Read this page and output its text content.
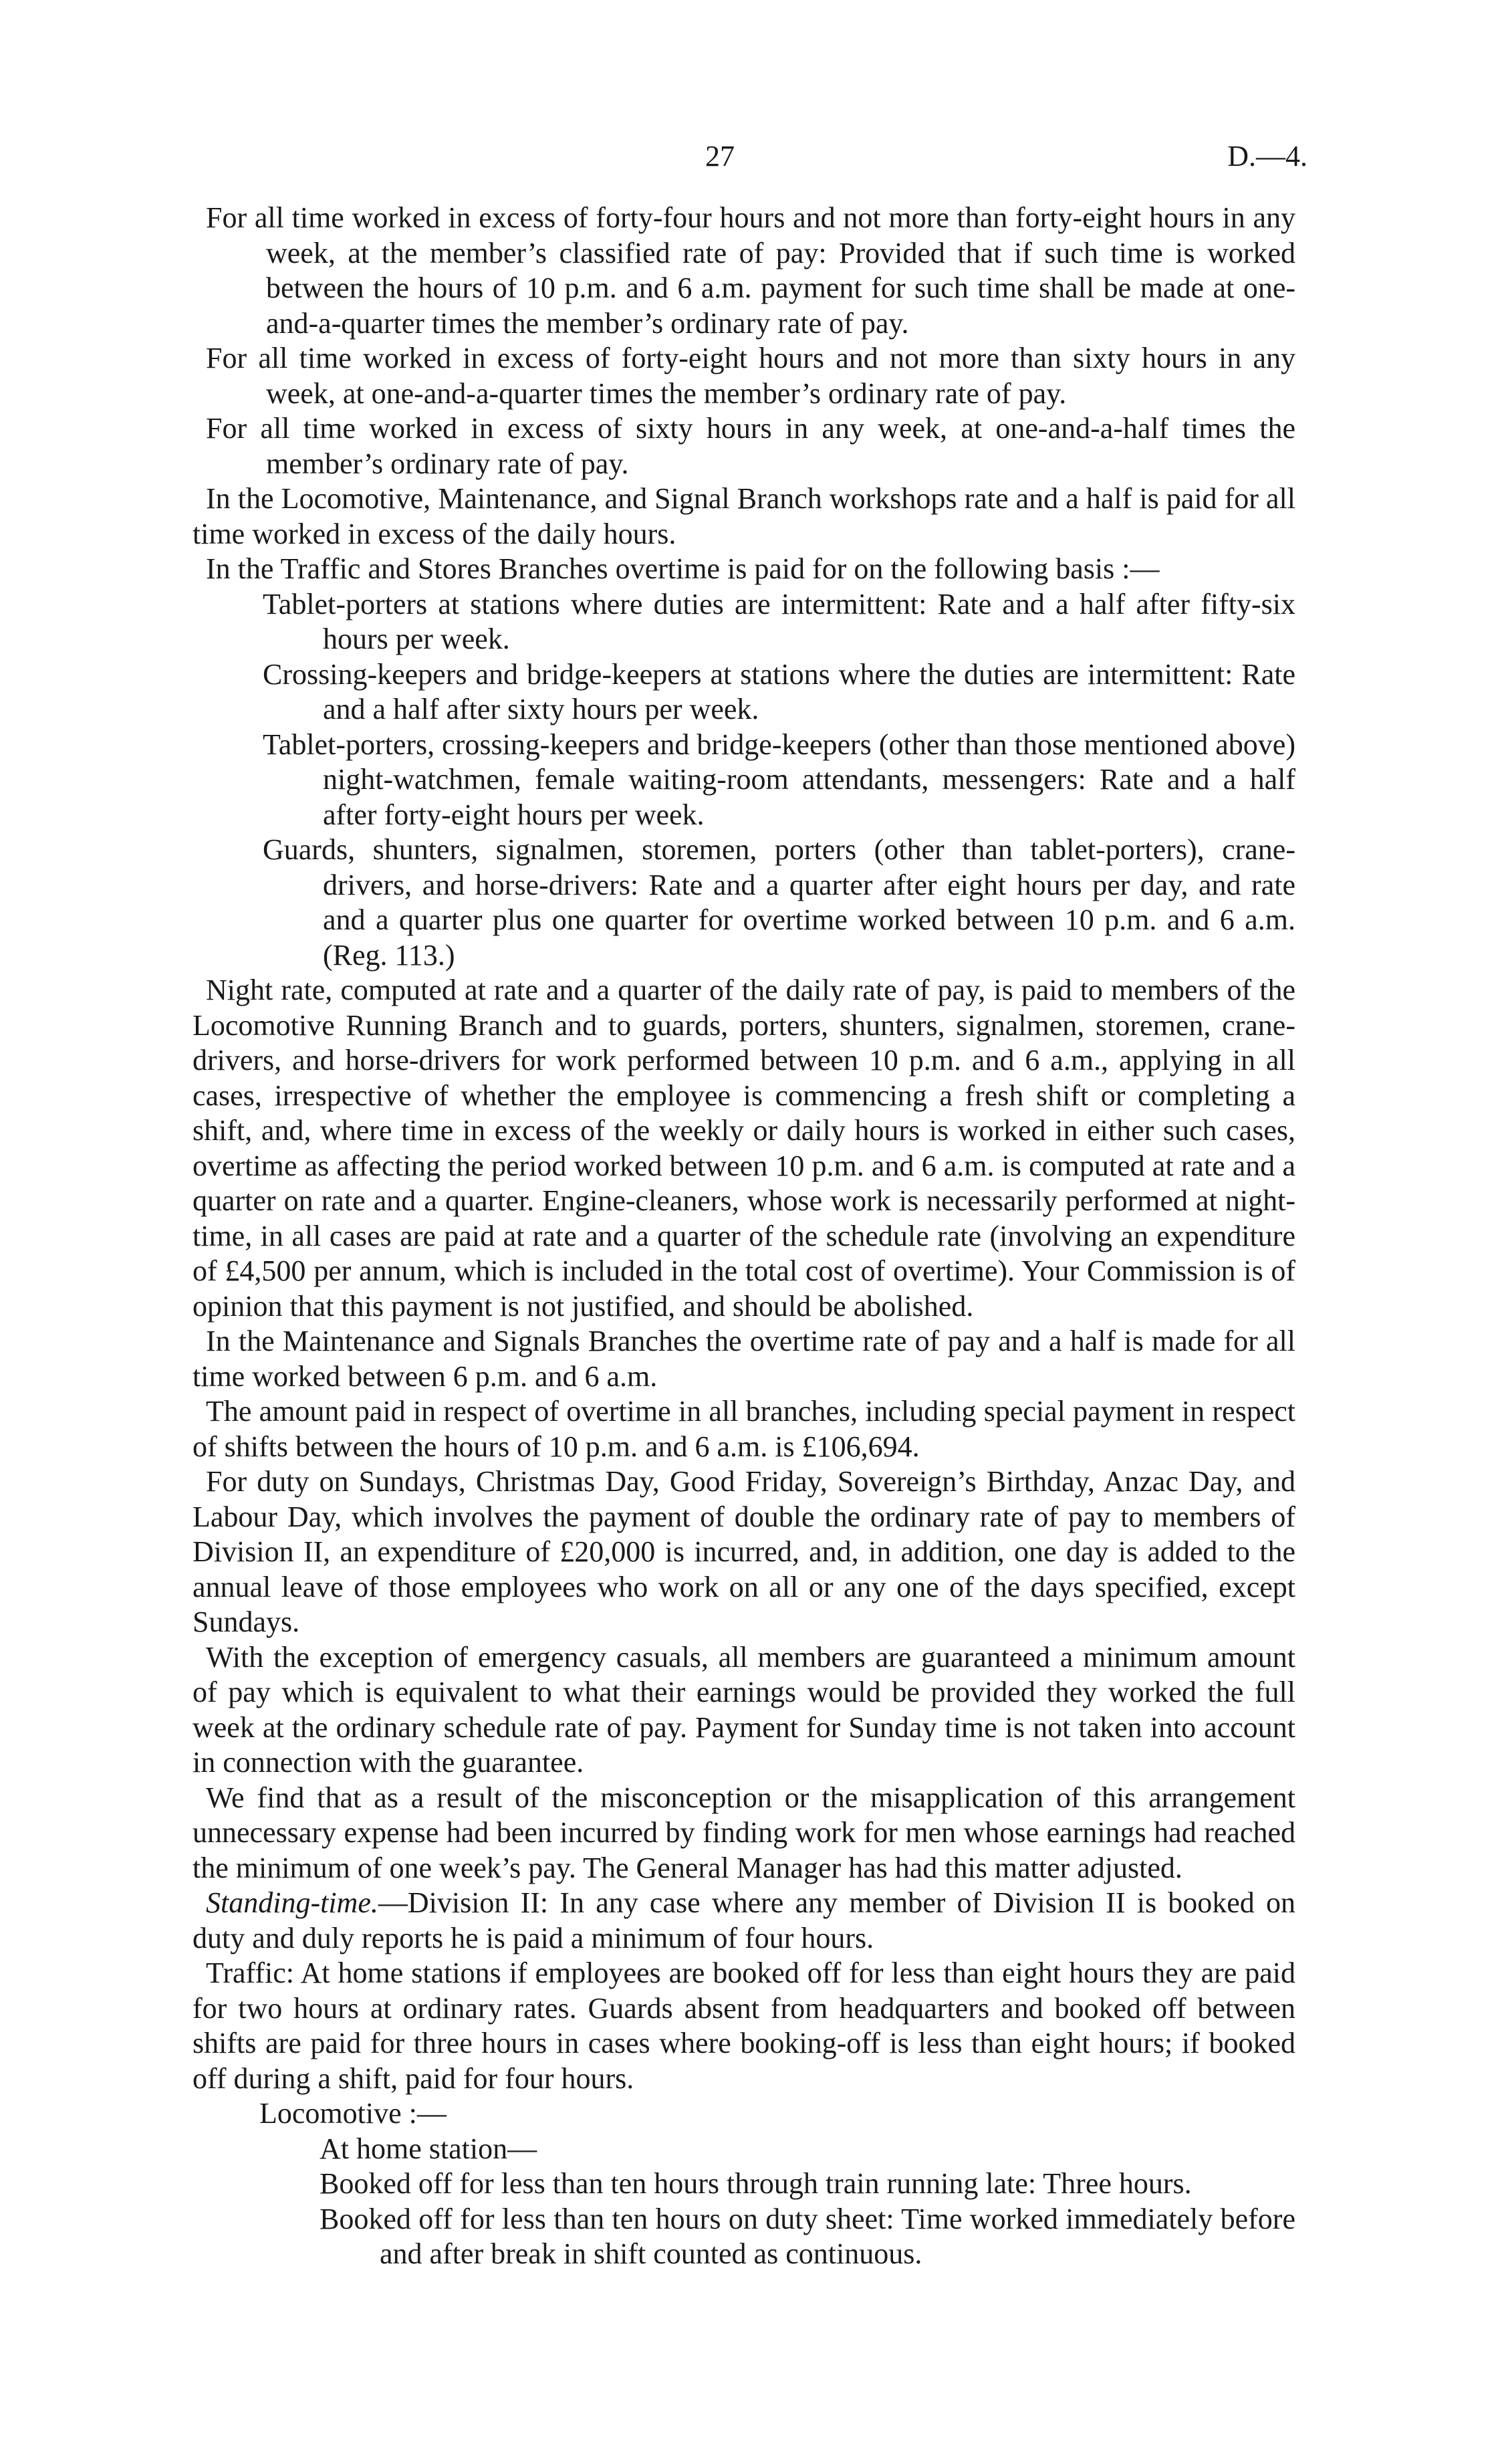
27	D.—4.

For all time worked in excess of forty-four hours and not more than forty-eight hours in any week, at the member’s classified rate of pay: Provided that if such time is worked between the hours of 10 p.m. and 6 a.m. payment for such time shall be made at one-and-a-quarter times the member’s ordinary rate of pay.

For all time worked in excess of forty-eight hours and not more than sixty hours in any week, at one-and-a-quarter times the member’s ordinary rate of pay.

For all time worked in excess of sixty hours in any week, at one-and-a-half times the member’s ordinary rate of pay.

In the Locomotive, Maintenance, and Signal Branch workshops rate and a half is paid for all time worked in excess of the daily hours.

In the Traffic and Stores Branches overtime is paid for on the following basis :—

Tablet-porters at stations where duties are intermittent: Rate and a half after fifty-six hours per week.

Crossing-keepers and bridge-keepers at stations where the duties are intermittent: Rate and a half after sixty hours per week.

Tablet-porters, crossing-keepers and bridge-keepers (other than those mentioned above) night-watchmen, female waiting-room attendants, messengers: Rate and a half after forty-eight hours per week.

Guards, shunters, signalmen, storemen, porters (other than tablet-porters), crane-drivers, and horse-drivers: Rate and a quarter after eight hours per day, and rate and a quarter plus one quarter for overtime worked between 10 p.m. and 6 a.m. (Reg. 113.)

Night rate, computed at rate and a quarter of the daily rate of pay, is paid to members of the Locomotive Running Branch and to guards, porters, shunters, signalmen, storemen, crane-drivers, and horse-drivers for work performed between 10 p.m. and 6 a.m., applying in all cases, irrespective of whether the employee is commencing a fresh shift or completing a shift, and, where time in excess of the weekly or daily hours is worked in either such cases, overtime as affecting the period worked between 10 p.m. and 6 a.m. is computed at rate and a quarter on rate and a quarter. Engine-cleaners, whose work is necessarily performed at night-time, in all cases are paid at rate and a quarter of the schedule rate (involving an expenditure of £4,500 per annum, which is included in the total cost of overtime). Your Commission is of opinion that this payment is not justified, and should be abolished.

In the Maintenance and Signals Branches the overtime rate of pay and a half is made for all time worked between 6 p.m. and 6 a.m.

The amount paid in respect of overtime in all branches, including special payment in respect of shifts between the hours of 10 p.m. and 6 a.m. is £106,694.

For duty on Sundays, Christmas Day, Good Friday, Sovereign’s Birthday, Anzac Day, and Labour Day, which involves the payment of double the ordinary rate of pay to members of Division II, an expenditure of £20,000 is incurred, and, in addition, one day is added to the annual leave of those employees who work on all or any one of the days specified, except Sundays.

With the exception of emergency casuals, all members are guaranteed a minimum amount of pay which is equivalent to what their earnings would be provided they worked the full week at the ordinary schedule rate of pay. Payment for Sunday time is not taken into account in connection with the guarantee.

We find that as a result of the misconception or the misapplication of this arrangement unnecessary expense had been incurred by finding work for men whose earnings had reached the minimum of one week’s pay. The General Manager has had this matter adjusted.

Standing-time.—Division II: In any case where any member of Division II is booked on duty and duly reports he is paid a minimum of four hours.

Traffic: At home stations if employees are booked off for less than eight hours they are paid for two hours at ordinary rates. Guards absent from headquarters and booked off between shifts are paid for three hours in cases where booking-off is less than eight hours; if booked off during a shift, paid for four hours.

Locomotive :—

At home station—

Booked off for less than ten hours through train running late: Three hours.

Booked off for less than ten hours on duty sheet: Time worked immediately before and after break in shift counted as continuous.
